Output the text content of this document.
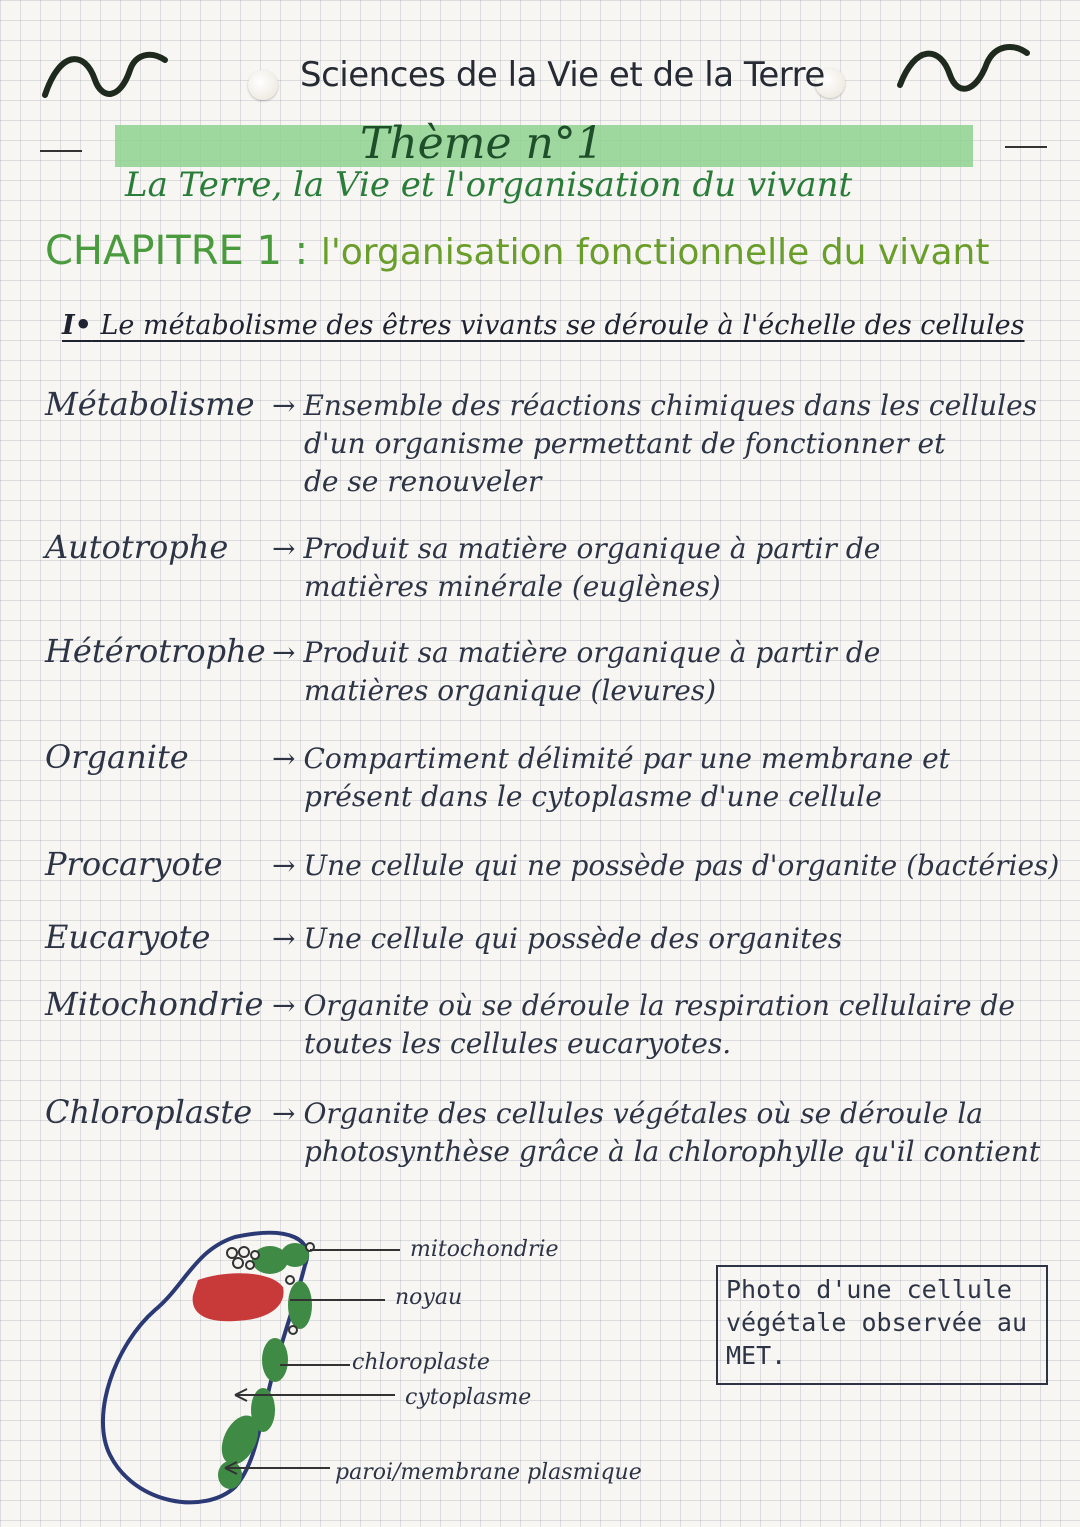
Sciences de la Vie et de la Terre
Thème n°1
La Terre, la Vie et l'organisation du vivant
CHAPITRE 1 : l'organisation fonctionnelle du vivant
I• Le métabolisme des êtres vivants se déroule à l'échelle des cellules
Métabolisme → Ensemble des réactions chimiques dans les cellules
d'un organisme permettant de fonctionner et
de se renouveler
Autotrophe → Produit sa matière organique à partir de
matières minérale (euglènes)
Hétérotrophe → Produit sa matière organique à partir de
matières organique (levures)
Organite	→ Compartiment délimité par une membrane et
présent dans le cytoplasme d'une cellule
Procaryote → Une cellule qui ne possède pas d'organite (bactéries)
Eucaryote → Une cellule qui possède des organites
Mitochondrie → Organite où se déroule la respiration cellulaire de
toutes les cellules eucaryotes.
Chloroplaste → Organite des cellules végétales où se déroule la
photosynthèse grâce à la chlorophylle qu'il contient
mitochondrie
noyau
chloroplaste
cytoplasme
paroi/membrane plasmique
Photo d'une cellule
végétale observée au
MET.
